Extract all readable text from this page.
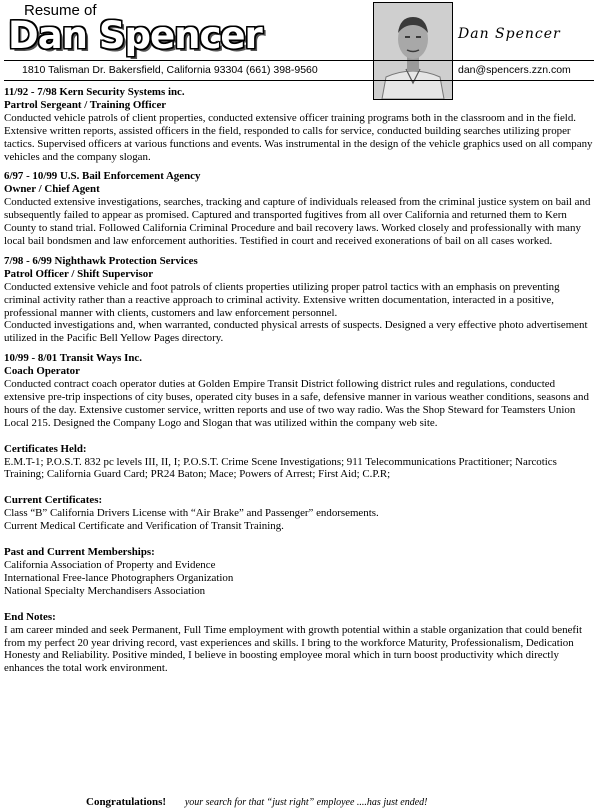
Resume of
Dan Spencer	Dan Spencer
1810 Talisman Dr. Bakersfield, California 93304 (661) 398-9560	dan@spencers.zzn.com
11/92 - 7/98 Kern Security Systems inc.
Partrol Sergeant / Training Officer

Conducted vehicle patrols of client properties, conducted extensive officer training programs both in the classroom and in the field. Extensive written reports, assisted officers in the field, responded to calls for service, conducted building searches utilizing proper tactics. Supervised officers at various functions and events. Was instrumental in the design of the vehicle graphics used on all company vehicles and the company slogan.

6/97 - 10/99 U.S. Bail Enforcement Agency
Owner / Chief Agent

Conducted extensive investigations, searches, tracking and capture of individuals released from the criminal justice system on bail and subsequently failed to appear as promised. Captured and transported fugitives from all over California and returned them to Kern County to stand trial. Followed California Criminal Procedure and bail recovery laws. Worked closely and professionally with many local bail bondsmen and law enforcement authorities. Testified in court and received exonerations of bail on all cases worked.

7/98 - 6/99 Nighthawk Protection Services
Patrol Officer / Shift Supervisor

Conducted extensive vehicle and foot patrols of clients properties utilizing proper patrol tactics with an emphasis on preventing criminal activity rather than a reactive approach to criminal activity. Extensive written documentation, interacted in a positive, professional manner with clients, customers and law enforcement personnel.

Conducted investigations and, when warranted, conducted physical arrests of suspects. Designed a very effective photo advertisement utilized in the Pacific Bell Yellow Pages directory.

10/99 - 8/01 Transit Ways Inc.
Coach Operator

Conducted contract coach operator duties at Golden Empire Transit District following district rules and regulations, conducted extensive pre-trip inspections of city buses, operated city buses in a safe, defensive manner in various weather conditions, seasons and hours of the day. Extensive customer service, written reports and use of two way radio. Was the Shop Steward for Teamsters Union Local 215. Designed the Company Logo and Slogan that was utilized within the company web site.

Certificates Held:

E.M.T-1; P.O.S.T. 832 pc levels III, II, I; P.O.S.T. Crime Scene Investigations; 911 Telecommunications Practitioner; Narcotics Training; California Guard Card; PR24 Baton; Mace; Powers of Arrest; First Aid; C.P.R;

Current Certificates:

Class “B” California Drivers License with “Air Brake” and Passenger” endorsements.

Current Medical Certificate and Verification of Transit Training.

Past and Current Memberships:

California Association of Property and Evidence

International Free-lance Photographers Organization

National Specialty Merchandisers Association

End Notes:

I am career minded and seek Permanent, Full Time employment with growth potential within a stable organization that could benefit from my perfect 20 year driving record, vast experiences and skills. I bring to the workforce Maturity, Professionalism, Dedication Honesty and Reliability. Positive minded, I believe in boosting employee moral which in turn boost productivity which directly enhances the total work environment.

Congratulations! your search for that “just right” employee ....has just ended!
